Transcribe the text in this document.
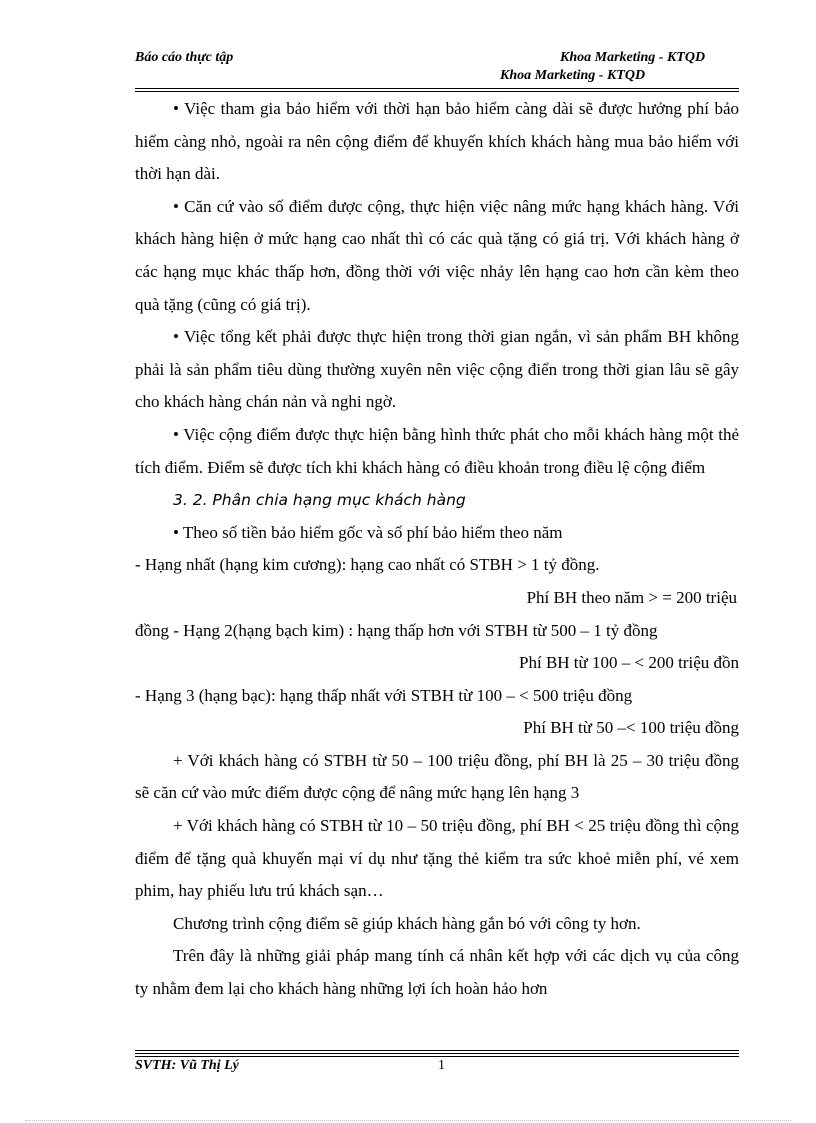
Báo cáo thực tập	Khoa Marketing - KTQD
Khoa Marketing - KTQD

• Việc tham gia bảo hiểm với thời hạn bảo hiểm càng dài sẽ được hưởng phí bảo hiểm càng nhỏ, ngoài ra nên cộng điểm để khuyến khích khách hàng mua bảo hiểm với thời hạn dài.

• Căn cứ vào số điểm được cộng, thực hiện việc nâng mức hạng khách hàng. Với khách hàng hiện ở mức hạng cao nhất thì có các quà tặng có giá trị. Với khách hàng ở các hạng mục khác thấp hơn, đồng thời với việc nhảy lên hạng cao hơn cần kèm theo quà tặng (cũng có giá trị).

• Việc tổng kết phải được thực hiện trong thời gian ngắn, vì sản phẩm BH không phải là sản phẩm tiêu dùng thường xuyên nên việc cộng điển trong thời gian lâu sẽ gây cho khách hàng chán nản và nghi ngờ.

• Việc cộng điểm được thực hiện bằng hình thức phát cho mỗi khách hàng một thẻ tích điểm. Điểm sẽ được tích khi khách hàng có điều khoản trong điều lệ cộng điểm

3. 2. Phân chia hạng mục khách hàng

• Theo số tiền bảo hiểm gốc và số phí bảo hiểm theo năm

- Hạng nhất (hạng kim cương): hạng cao nhất có STBH > 1 tỷ đồng.

Phí BH theo năm > = 200 triệu

đồng - Hạng 2(hạng bạch kim) : hạng thấp hơn với STBH từ 500 – 1 tỷ đồng

Phí BH từ 100 – < 200 triệu đồn

- Hạng 3 (hạng bạc): hạng thấp nhất với STBH từ 100 – < 500 triệu đồng

Phí BH từ 50 –< 100 triệu đồng

+ Với khách hàng có STBH từ 50 – 100 triệu đồng, phí BH là 25 – 30 triệu đồng sẽ căn cứ vào mức điểm được cộng để nâng mức hạng lên hạng 3

+ Với khách hàng có STBH từ 10 – 50 triệu đồng, phí BH < 25 triệu đồng thì cộng điểm để tặng quà khuyến mại ví dụ như tặng thẻ kiểm tra sức khoẻ miễn phí, vé xem phim, hay phiếu lưu trú khách sạn…

Chương trình cộng điểm sẽ giúp khách hàng gắn bó với công ty hơn.

Trên đây là những giải pháp mang tính cá nhân kết hợp với các dịch vụ của công ty nhằm đem lại cho khách hàng những lợi ích hoàn hảo hơn

SVTH: Vũ Thị Lý	1
